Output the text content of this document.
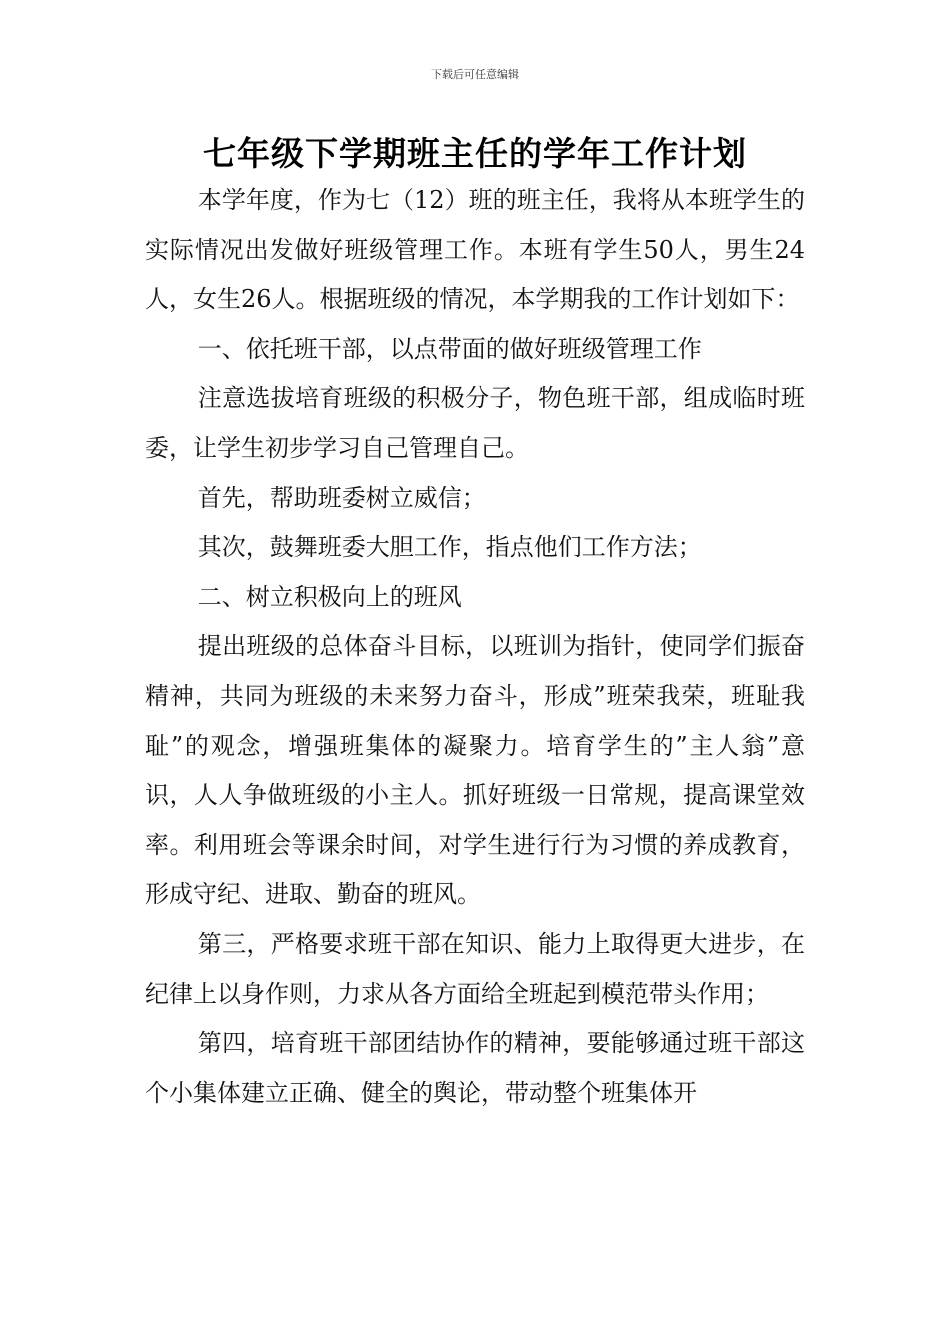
下载后可任意编辑
七年级下学期班主任的学年工作计划

本学年度，作为七（12）班的班主任，我将从本班学生的实际情况出发做好班级管理工作。本班有学生50人，男生24人，女生26人。根据班级的情况，本学期我的工作计划如下：

一、依托班干部，以点带面的做好班级管理工作

注意选拔培育班级的积极分子，物色班干部，组成临时班委，让学生初步学习自己管理自己。

首先，帮助班委树立威信；

其次，鼓舞班委大胆工作，指点他们工作方法；

二、树立积极向上的班风

提出班级的总体奋斗目标，以班训为指针，使同学们振奋精神，共同为班级的未来努力奋斗，形成”班荣我荣，班耻我耻”的观念，增强班集体的凝聚力。培育学生的”主人翁”意识，人人争做班级的小主人。抓好班级一日常规，提高课堂效率。利用班会等课余时间，对学生进行行为习惯的养成教育，形成守纪、进取、勤奋的班风。

第三，严格要求班干部在知识、能力上取得更大进步，在纪律上以身作则，力求从各方面给全班起到模范带头作用；

第四，培育班干部团结协作的精神，要能够通过班干部这个小集体建立正确、健全的舆论，带动整个班集体开
